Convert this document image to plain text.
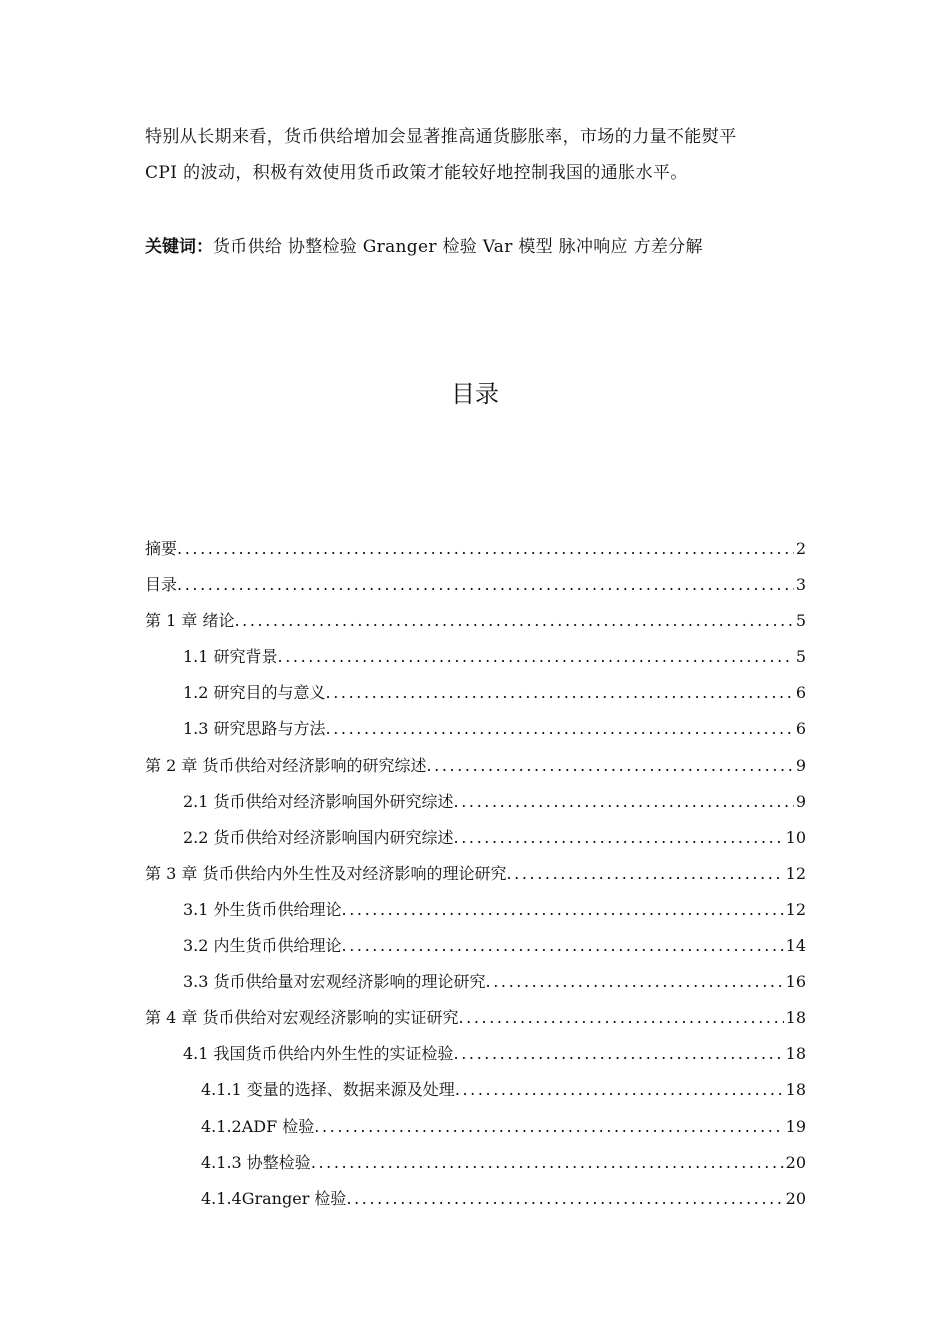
特别从长期来看，货币供给增加会显著推高通货膨胀率，市场的力量不能熨平
CPI 的波动，积极有效使用货币政策才能较好地控制我国的通胀水平。
关键词：货币供给 协整检验 Granger 检验 Var 模型 脉冲响应 方差分解
目录
摘要 .....	2
目录 .....	3
第 1 章 绪论 .....	5
1.1 研究背景 .....	5
1.2 研究目的与意义 .....	6
1.3 研究思路与方法 .....	6
第 2 章 货币供给对经济影响的研究综述 .....	9
2.1 货币供给对经济影响国外研究综述 .....	9
2.2 货币供给对经济影响国内研究综述 .....	10
第 3 章 货币供给内外生性及对经济影响的理论研究 .....	12
3.1 外生货币供给理论 .....	12
3.2 内生货币供给理论 .....	14
3.3 货币供给量对宏观经济影响的理论研究 .....	16
第 4 章 货币供给对宏观经济影响的实证研究 .....	18
4.1 我国货币供给内外生性的实证检验 .....	18
4.1.1 变量的选择、数据来源及处理 .....	18
4.1.2ADF 检验 .....	19
4.1.3 协整检验 .....	20
4.1.4Granger 检验 .....	20
